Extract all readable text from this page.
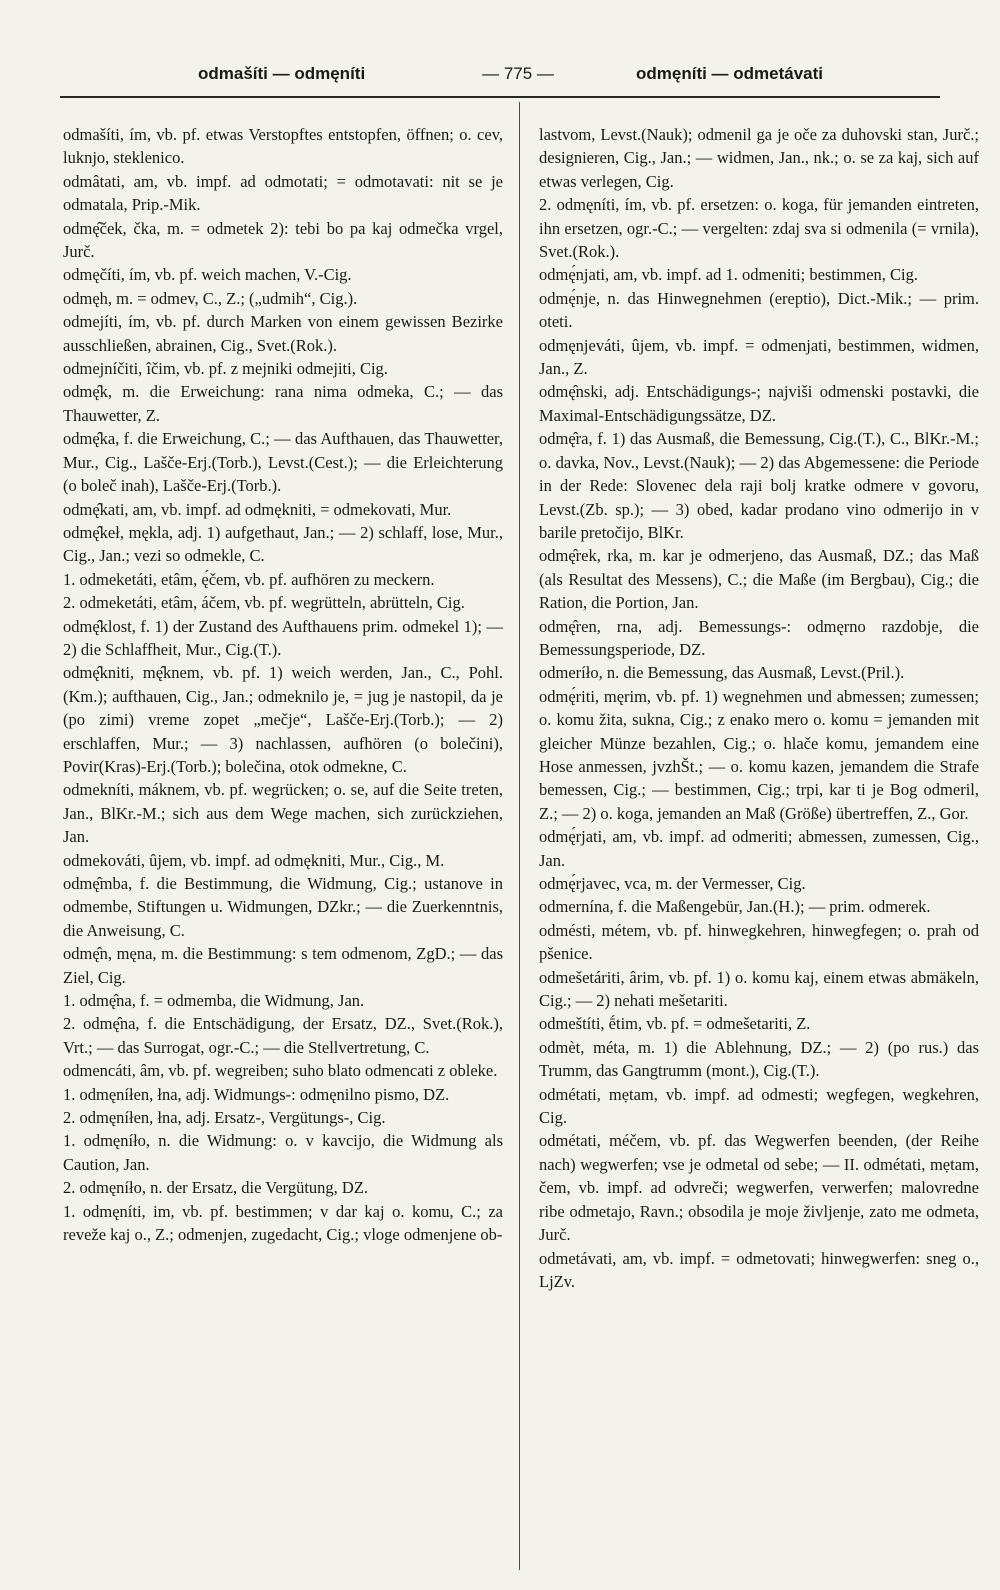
odmašíti — odmęníti	— 775 —	odmęníti — odmetávati

odmašíti, ím, vb. pf. etwas Verstopftes entstopfen, öffnen; o. cev, luknjo, steklenico.

odmâtati, am, vb. impf. ad odmotati; = odmotavati: nit se je odmatala, Prip.-Mik.

odmę̂ček, čka, m. = odmetek 2): tebi bo pa kaj odmečka vrgel, Jurč.

odmęčíti, ím, vb. pf. weich machen, V.-Cig.

odmęh, m. = odmev, C., Z.; („udmih“, Cig.).

odmejíti, ím, vb. pf. durch Marken von einem gewissen Bezirke ausschließen, abrainen, Cig., Svet.(Rok.).

odmejníčiti, îčim, vb. pf. z mejniki odmejiti, Cig.

odmę̂k, m. die Erweichung: rana nima odmeka, C.; — das Thauwetter, Z.

odmę̂ka, f. die Erweichung, C.; — das Aufthauen, das Thauwetter, Mur., Cig., Lašče-Erj.(Torb.), Levst.(Cest.); — die Erleichterung (o boleč inah), Lašče-Erj.(Torb.).

odmę̂kati, am, vb. impf. ad odmękniti, = odmekovati, Mur.

odmę̂keł, mękla, adj. 1) aufgethaut, Jan.; — 2) schlaff, lose, Mur., Cig., Jan.; vezi so odmekle, C.

1. odmeketáti, etâm, ę́čem, vb. pf. aufhören zu meckern.

2. odmeketáti, etâm, áčem, vb. pf. wegrütteln, abrütteln, Cig.

odmę̂klost, f. 1) der Zustand des Aufthauens prim. odmekel 1); — 2) die Schlaffheit, Mur., Cig.(T.).

odmę̂kniti, mę̂knem, vb. pf. 1) weich werden, Jan., C., Pohl.(Km.); aufthauen, Cig., Jan.; odmeknilo je, = jug je nastopil, da je (po zimi) vreme zopet „mečje“, Lašče-Erj.(Torb.); — 2) erschlaffen, Mur.; — 3) nachlassen, aufhören (o bolečini), Povir(Kras)-Erj.(Torb.); bolečina, otok odmekne, C.

odmekníti, máknem, vb. pf. wegrücken; o. se, auf die Seite treten, Jan., BlKr.-M.; sich aus dem Wege machen, sich zurückziehen, Jan.

odmekováti, ûjem, vb. impf. ad odmękniti, Mur., Cig., M.

odmę̂mba, f. die Bestimmung, die Widmung, Cig.; ustanove in odmembe, Stiftungen u. Widmungen, DZkr.; — die Zuerkenntnis, die Anweisung, C.

odmę̂n, męna, m. die Bestimmung: s tem odmenom, ZgD.; — das Ziel, Cig.

1. odmę̂na, f. = odmemba, die Widmung, Jan.

2. odmę̂na, f. die Entschädigung, der Ersatz, DZ., Svet.(Rok.), Vrt.; — das Surrogat, ogr.-C.; — die Stellvertretung, C.

odmencáti, âm, vb. pf. wegreiben; suho blato odmencati z obleke.

1. odmęníłen, łna, adj. Widmungs-: odmęnilno pismo, DZ.

2. odmęníłen, łna, adj. Ersatz-, Vergütungs-, Cig.

1. odmęníło, n. die Widmung: o. v kavcijo, die Widmung als Caution, Jan.

2. odmęníło, n. der Ersatz, die Vergütung, DZ.

1. odmęníti, im, vb. pf. bestimmen; v dar kaj o. komu, C.; za reveže kaj o., Z.; odmenjen, zugedacht, Cig.; vloge odmenjene ob-

lastvom, Levst.(Nauk); odmenil ga je oče za duhovski stan, Jurč.; designieren, Cig., Jan.; — widmen, Jan., nk.; o. se za kaj, sich auf etwas verlegen, Cig.

2. odmęníti, ím, vb. pf. ersetzen: o. koga, für jemanden eintreten, ihn ersetzen, ogr.-C.; — vergelten: zdaj sva si odmenila (= vrnila), Svet.(Rok.).

odmę́njati, am, vb. impf. ad 1. odmeniti; bestimmen, Cig.

odmę́nje, n. das Hinwegnehmen (ereptio), Dict.-Mik.; — prim. oteti.

odmęnjeváti, ûjem, vb. impf. = odmenjati, bestimmen, widmen, Jan., Z.

odmę̂nski, adj. Entschädigungs-; najviši odmenski postavki, die Maximal-Entschädigungssätze, DZ.

odmę̂ra, f. 1) das Ausmaß, die Bemessung, Cig.(T.), C., BlKr.-M.; o. davka, Nov., Levst.(Nauk); — 2) das Abgemessene: die Periode in der Rede: Slovenec dela raji bolj kratke odmere v govoru, Levst.(Zb. sp.); — 3) obed, kadar prodano vino odmerijo in v barile pretočijo, BlKr.

odmę̂rek, rka, m. kar je odmerjeno, das Ausmaß, DZ.; das Maß (als Resultat des Messens), C.; die Maße (im Bergbau), Cig.; die Ration, die Portion, Jan.

odmę̂ren, rna, adj. Bemessungs-: odmęrno razdobje, die Bemessungsperiode, DZ.

odmeríło, n. die Bemessung, das Ausmaß, Levst.(Pril.).

odmę́riti, męrim, vb. pf. 1) wegnehmen und abmessen; zumessen; o. komu žita, sukna, Cig.; z enako mero o. komu = jemanden mit gleicher Münze bezahlen, Cig.; o. hlače komu, jemandem eine Hose anmessen, jvzhŠt.; — o. komu kazen, jemandem die Strafe bemessen, Cig.; — bestimmen, Cig.; trpi, kar ti je Bog odmeril, Z.; — 2) o. koga, jemanden an Maß (Größe) übertreffen, Z., Gor.

odmę́rjati, am, vb. impf. ad odmeriti; abmessen, zumessen, Cig., Jan.

odmę́rjavec, vca, m. der Vermesser, Cig.

odmernína, f. die Maßengebür, Jan.(H.); — prim. odmerek.

odmésti, métem, vb. pf. hinwegkehren, hinwegfegen; o. prah od pšenice.

odmešetáriti, ârim, vb. pf. 1) o. komu kaj, einem etwas abmäkeln, Cig.; — 2) nehati mešetariti.

odmeštíti, ḗtim, vb. pf. = odmešetariti, Z.

odmèt, méta, m. 1) die Ablehnung, DZ.; — 2) (po rus.) das Trumm, das Gangtrumm (mont.), Cig.(T.).

odmétati, mẹtam, vb. impf. ad odmesti; wegfegen, wegkehren, Cig.

odmétati, méčem, vb. pf. das Wegwerfen beenden, (der Reihe nach) wegwerfen; vse je odmetal od sebe; — II. odmétati, mẹtam, čem, vb. impf. ad odvreči; wegwerfen, verwerfen; malovredne ribe odmetajo, Ravn.; obsodila je moje življenje, zato me odmeta, Jurč.

odmetávati, am, vb. impf. = odmetovati; hinwegwerfen: sneg o., LjZv.
